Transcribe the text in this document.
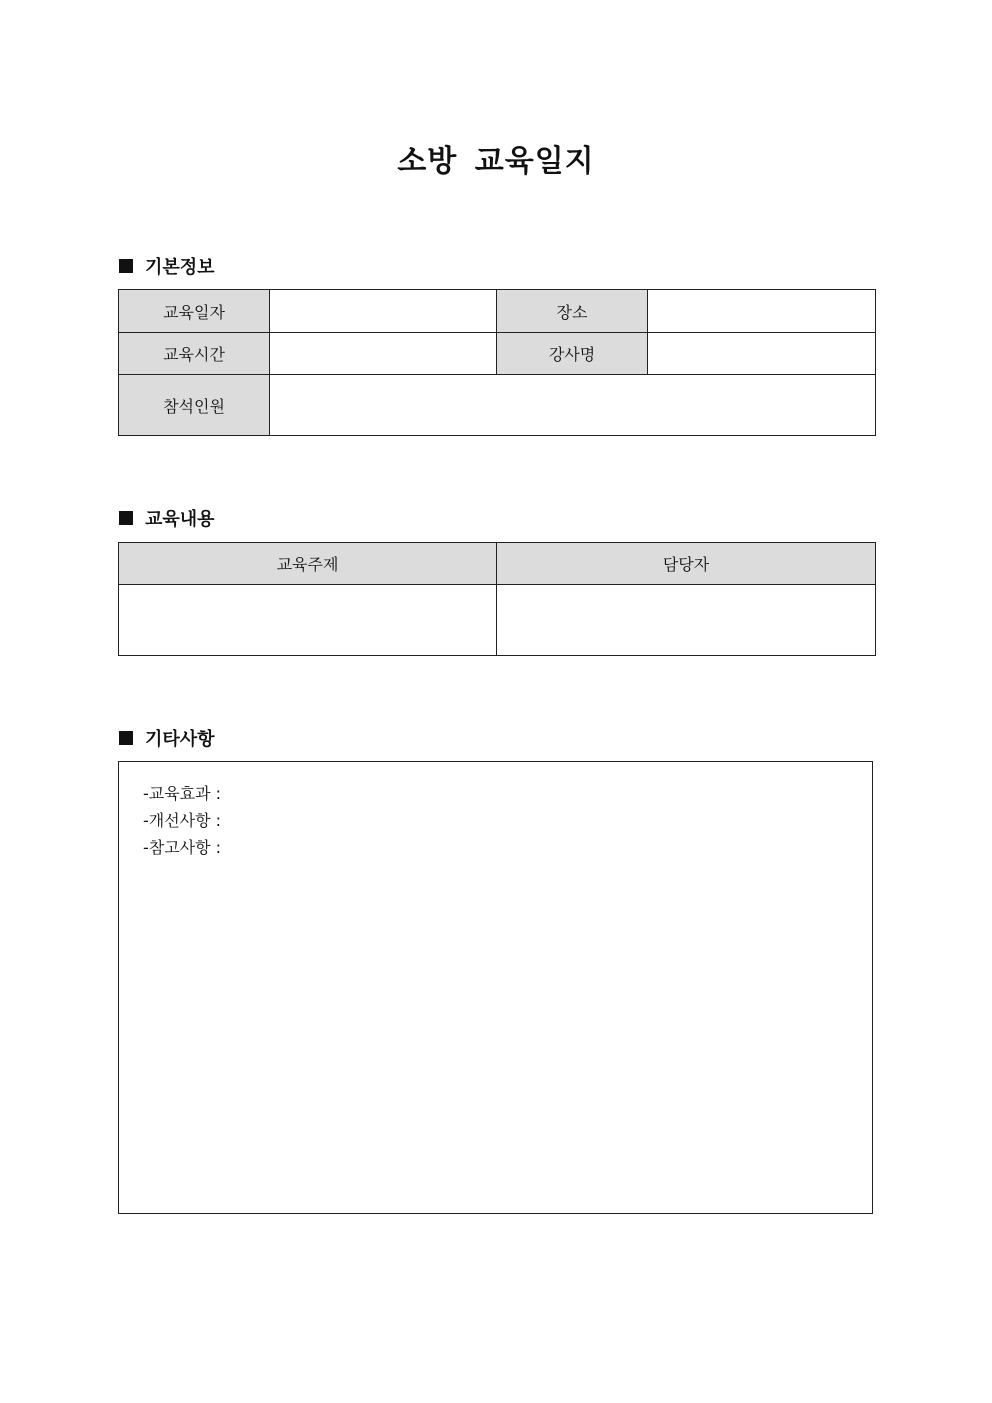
소방 교육일지
기본정보
교육일자		장소	
교육시간		강사명	
참석인원			
교육내용
교육주제	담당자

기타사항
-교육효과 :
-개선사항 :
-참고사항 :
